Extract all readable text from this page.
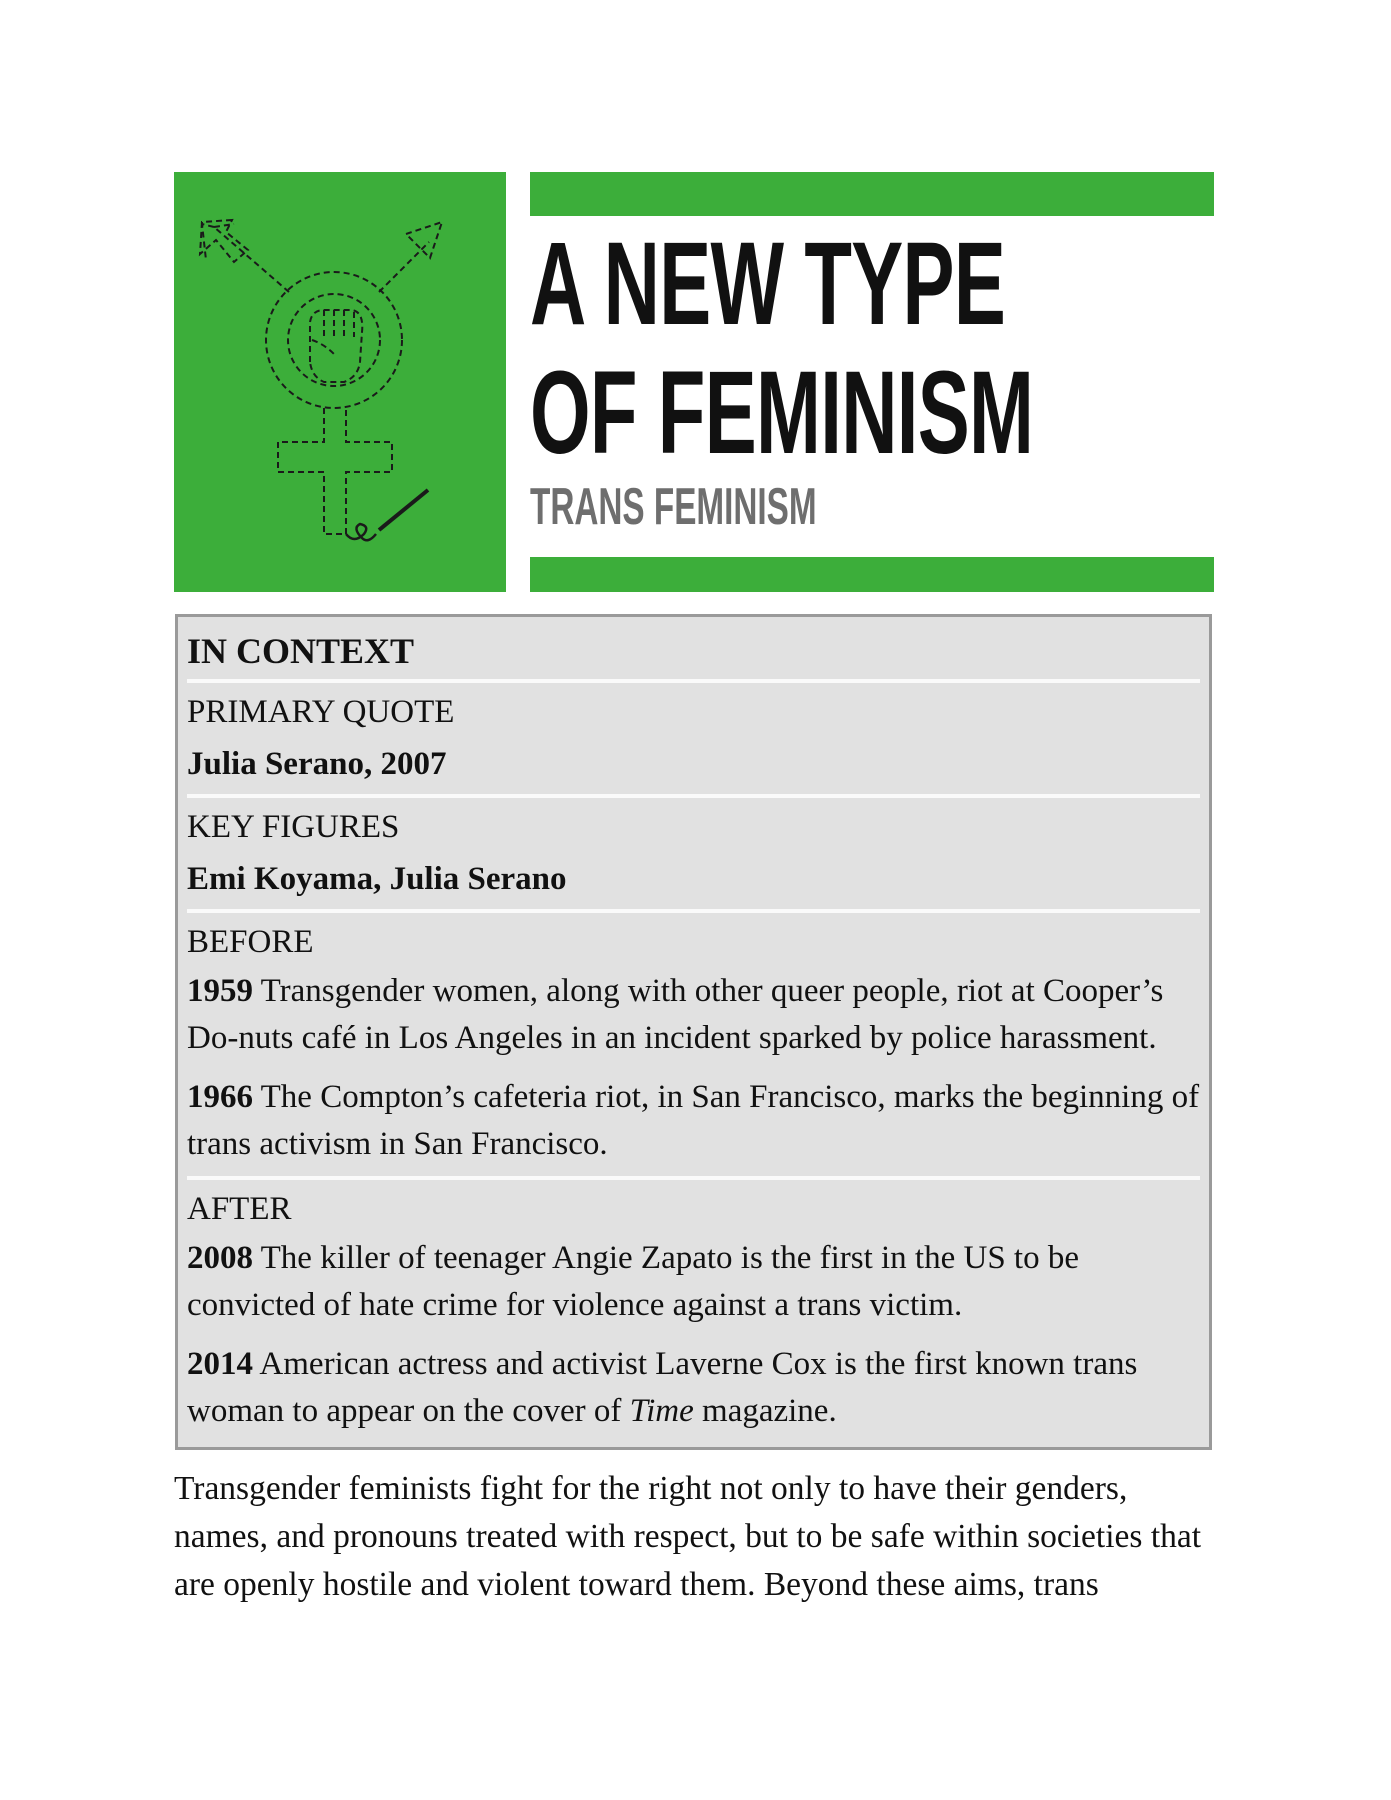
A NEW TYPE
OF FEMINISM
TRANS FEMINISM
IN CONTEXT
PRIMARY QUOTE
Julia Serano, 2007
KEY FIGURES
Emi Koyama, Julia Serano
BEFORE
1959 Transgender women, along with other queer people, riot at Cooper’s Do-nuts café in Los Angeles in an incident sparked by police harassment.
1966 The Compton’s cafeteria riot, in San Francisco, marks the beginning of trans activism in San Francisco.
AFTER
2008 The killer of teenager Angie Zapato is the first in the US to be convicted of hate crime for violence against a trans victim.
2014 American actress and activist Laverne Cox is the first known trans woman to appear on the cover of Time magazine.
Transgender feminists fight for the right not only to have their genders, names, and pronouns treated with respect, but to be safe within societies that are openly hostile and violent toward them. Beyond these aims, trans
